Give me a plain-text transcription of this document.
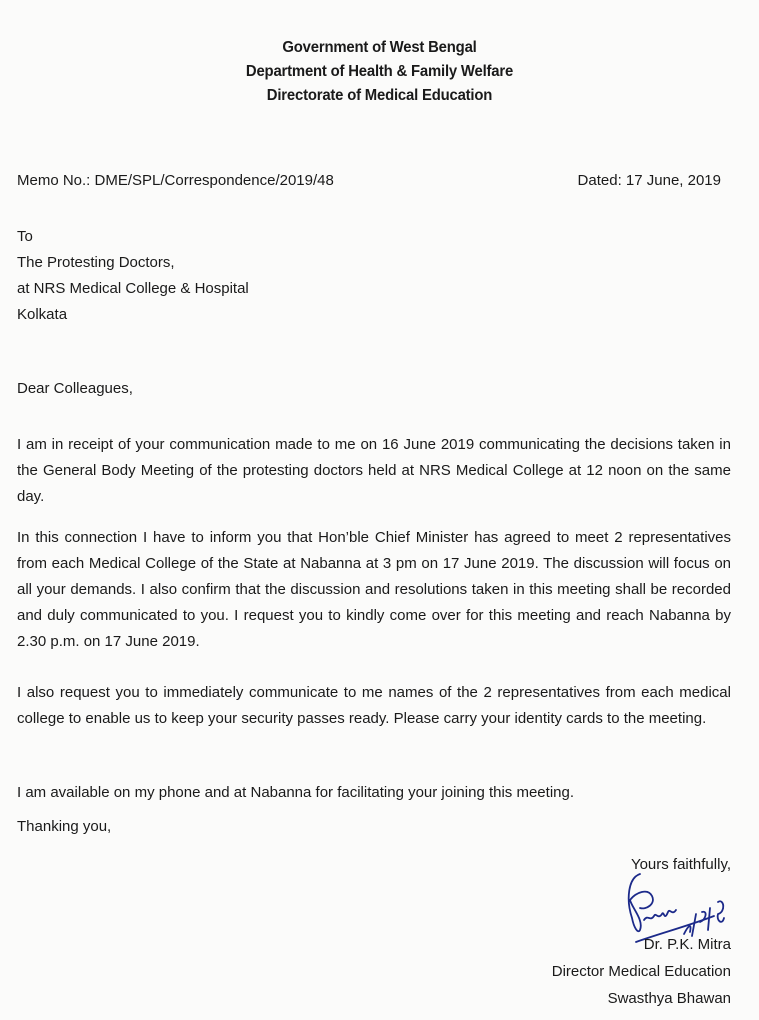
Government of West Bengal
Department of Health & Family Welfare
Directorate of Medical Education
Memo No.: DME/SPL/Correspondence/2019/48	Dated: 17 June, 2019
To
The Protesting Doctors,
at NRS Medical College & Hospital
Kolkata
Dear Colleagues,
I am in receipt of your communication made to me on 16 June 2019 communicating the decisions taken in the General Body Meeting of the protesting doctors held at NRS Medical College at 12 noon on the same day.
In this connection I have to inform you that Hon’ble Chief Minister has agreed to meet 2 representatives from each Medical College of the State at Nabanna at 3 pm on 17 June 2019. The discussion will focus on all your demands. I also confirm that the discussion and resolutions taken in this meeting shall be recorded and duly communicated to you. I request you to kindly come over for this meeting and reach Nabanna by 2.30 p.m. on 17 June 2019.
I also request you to immediately communicate to me names of the 2 representatives from each medical college to enable us to keep your security passes ready. Please carry your identity cards to the meeting.
I am available on my phone and at Nabanna for facilitating your joining this meeting.
Thanking you,
Yours faithfully,
Dr. P.K. Mitra
Director Medical Education
Swasthya Bhawan
